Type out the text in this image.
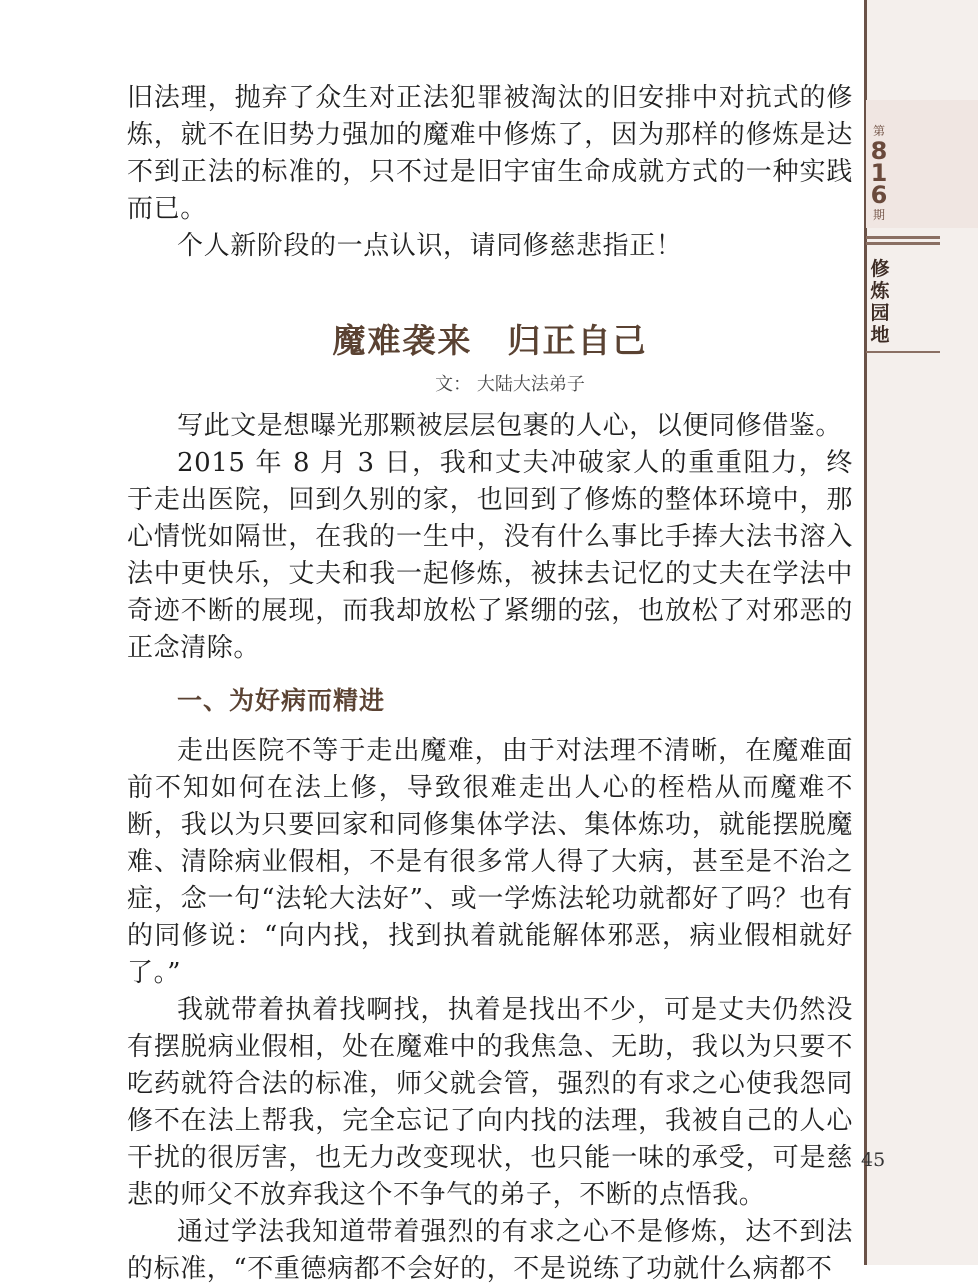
第
8
1
6
期
修
炼
园
地

旧法理，抛弃了众生对正法犯罪被淘汰的旧安排中对抗式的修炼，就不在旧势力强加的魔难中修炼了，因为那样的修炼是达不到正法的标准的，只不过是旧宇宙生命成就方式的一种实践而已。

个人新阶段的一点认识，请同修慈悲指正！

魔难袭来　归正自己
文： 大陆大法弟子

写此文是想曝光那颗被层层包裹的人心，以便同修借鉴。

2015 年 8 月 3 日，我和丈夫冲破家人的重重阻力，终于走出医院，回到久别的家，也回到了修炼的整体环境中，那心情恍如隔世，在我的一生中，没有什么事比手捧大法书溶入法中更快乐，丈夫和我一起修炼，被抹去记忆的丈夫在学法中奇迹不断的展现，而我却放松了紧绷的弦，也放松了对邪恶的正念清除。

一、为好病而精进

走出医院不等于走出魔难，由于对法理不清晰，在魔难面前不知如何在法上修，导致很难走出人心的桎梏从而魔难不断，我以为只要回家和同修集体学法、集体炼功，就能摆脱魔难、清除病业假相，不是有很多常人得了大病，甚至是不治之症，念一句“法轮大法好”、或一学炼法轮功就都好了吗？也有的同修说：“向内找，找到执着就能解体邪恶，病业假相就好了。”

我就带着执着找啊找，执着是找出不少，可是丈夫仍然没有摆脱病业假相，处在魔难中的我焦急、无助，我以为只要不吃药就符合法的标准，师父就会管，强烈的有求之心使我怨同修不在法上帮我，完全忘记了向内找的法理，我被自己的人心干扰的很厉害，也无力改变现状，也只能一味的承受，可是慈悲的师父不放弃我这个不争气的弟子，不断的点悟我。

通过学法我知道带着强烈的有求之心不是修炼，达不到法的标准，“不重德病都不会好的，不是说练了功就什么病都不

45
